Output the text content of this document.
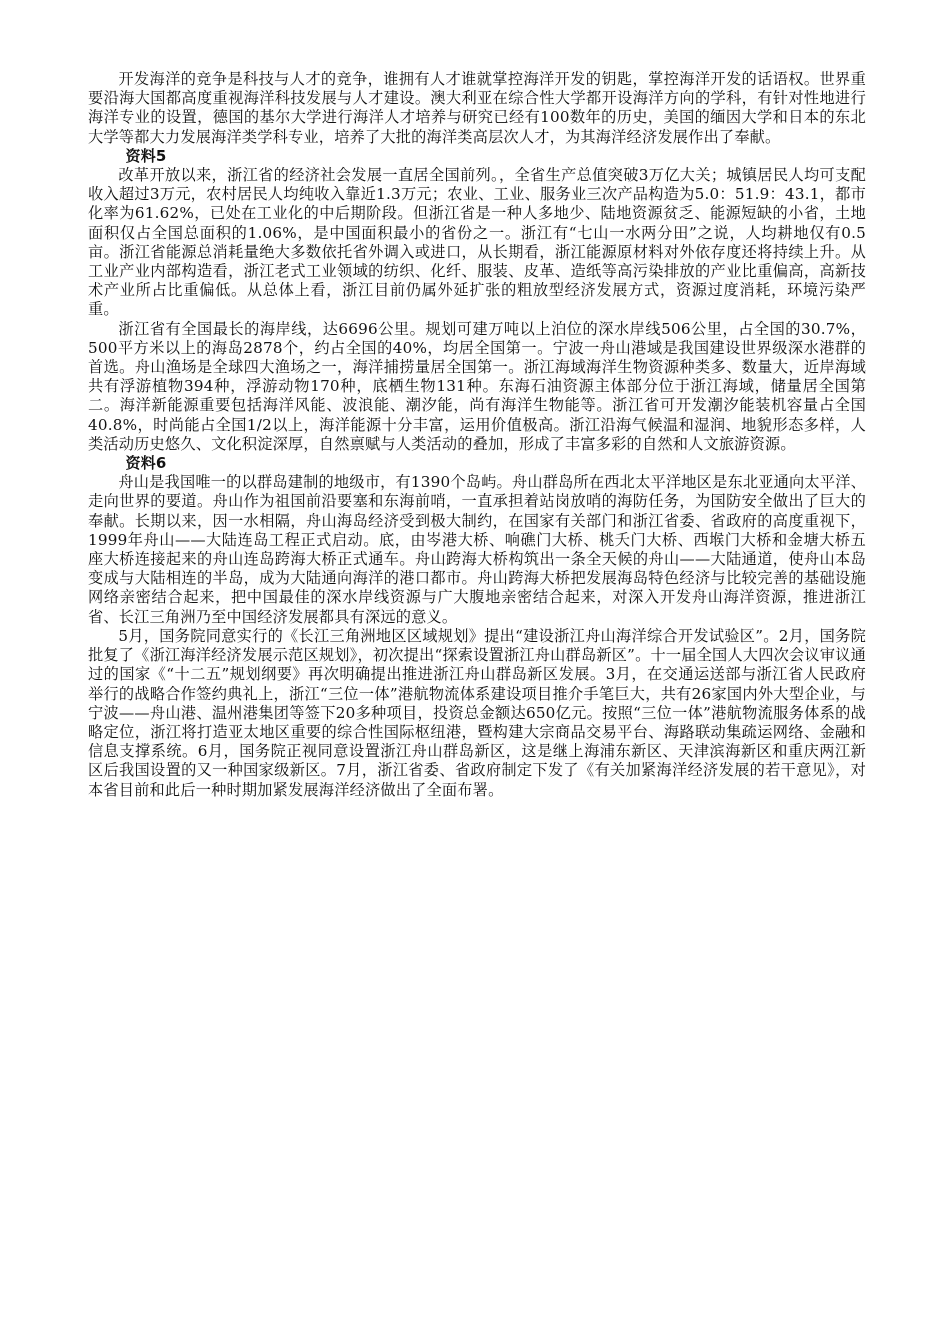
开发海洋的竞争是科技与人才的竞争，谁拥有人才谁就掌控海洋开发的钥匙，掌控海洋开发的话语权。世界重要沿海大国都高度重视海洋科技发展与人才建设。澳大利亚在综合性大学都开设海洋方向的学科，有针对性地进行海洋专业的设置，德国的基尔大学进行海洋人才培养与研究已经有100数年的历史，美国的缅因大学和日本的东北大学等都大力发展海洋类学科专业，培养了大批的海洋类高层次人才，为其海洋经济发展作出了奉献。

资料5

改革开放以来，浙江省的经济社会发展一直居全国前列。，全省生产总值突破3万亿大关；城镇居民人均可支配收入超过3万元，农村居民人均纯收入靠近1.3万元；农业、工业、服务业三次产品构造为5.0：51.9：43.1，都市化率为61.62%，已处在工业化的中后期阶段。但浙江省是一种人多地少、陆地资源贫乏、能源短缺的小省，土地面积仅占全国总面积的1.06%，是中国面积最小的省份之一。浙江有“七山一水两分田”之说，人均耕地仅有0.5亩。浙江省能源总消耗量绝大多数依托省外调入或进口，从长期看，浙江能源原材料对外依存度还将持续上升。从工业产业内部构造看，浙江老式工业领域的纺织、化纤、服装、皮革、造纸等高污染排放的产业比重偏高，高新技术产业所占比重偏低。从总体上看，浙江目前仍属外延扩张的粗放型经济发展方式，资源过度消耗，环境污染严重。

浙江省有全国最长的海岸线，达6696公里。规划可建万吨以上泊位的深水岸线506公里，占全国的30.7%，500平方米以上的海岛2878个，约占全国的40%，均居全国第一。宁波一舟山港域是我国建设世界级深水港群的首选。舟山渔场是全球四大渔场之一，海洋捕捞量居全国第一。浙江海域海洋生物资源种类多、数量大，近岸海域共有浮游植物394种，浮游动物170种，底栖生物131种。东海石油资源主体部分位于浙江海域，储量居全国第二。海洋新能源重要包括海洋风能、波浪能、潮汐能，尚有海洋生物能等。浙江省可开发潮汐能装机容量占全国40.8%，时尚能占全国1/2以上，海洋能源十分丰富，运用价值极高。浙江沿海气候温和湿润、地貌形态多样，人类活动历史悠久、文化积淀深厚，自然禀赋与人类活动的叠加，形成了丰富多彩的自然和人文旅游资源。

资料6

舟山是我国唯一的以群岛建制的地级市，有1390个岛屿。舟山群岛所在西北太平洋地区是东北亚通向太平洋、走向世界的要道。舟山作为祖国前沿要塞和东海前哨，一直承担着站岗放哨的海防任务，为国防安全做出了巨大的奉献。长期以来，因一水相隔，舟山海岛经济受到极大制约，在国家有关部门和浙江省委、省政府的高度重视下，1999年舟山——大陆连岛工程正式启动。底，由岑港大桥、响礁门大桥、桃夭门大桥、西堠门大桥和金塘大桥五座大桥连接起来的舟山连岛跨海大桥正式通车。舟山跨海大桥构筑出一条全天候的舟山——大陆通道，使舟山本岛变成与大陆相连的半岛，成为大陆通向海洋的港口都市。舟山跨海大桥把发展海岛特色经济与比较完善的基础设施网络亲密结合起来，把中国最佳的深水岸线资源与广大腹地亲密结合起来，对深入开发舟山海洋资源，推进浙江省、长江三角洲乃至中国经济发展都具有深远的意义。

5月，国务院同意实行的《长江三角洲地区区域规划》提出“建设浙江舟山海洋综合开发试验区”。2月，国务院批复了《浙江海洋经济发展示范区规划》，初次提出“探索设置浙江舟山群岛新区”。十一届全国人大四次会议审议通过的国家《“十二五”规划纲要》再次明确提出推进浙江舟山群岛新区发展。3月，在交通运送部与浙江省人民政府举行的战略合作签约典礼上，浙江“三位一体”港航物流体系建设项目推介手笔巨大，共有26家国内外大型企业，与宁波——舟山港、温州港集团等签下20多种项目，投资总金额达650亿元。按照“三位一体”港航物流服务体系的战略定位，浙江将打造亚太地区重要的综合性国际枢纽港，暨构建大宗商品交易平台、海路联动集疏运网络、金融和信息支撑系统。6月，国务院正视同意设置浙江舟山群岛新区，这是继上海浦东新区、天津滨海新区和重庆两江新区后我国设置的又一种国家级新区。7月，浙江省委、省政府制定下发了《有关加紧海洋经济发展的若干意见》，对本省目前和此后一种时期加紧发展海洋经济做出了全面布署。
